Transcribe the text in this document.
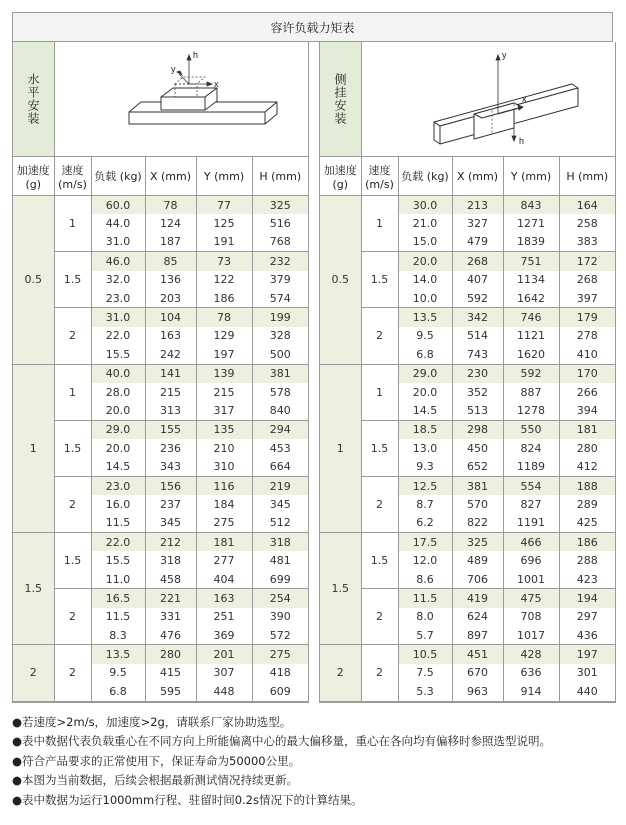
容许负载力矩表
水平安装
h
y
x
加速度(g)	速度(m/s)	负载 (kg)	X (mm)	Y (mm)	H (mm)
0.5	1	60.0	78	77	325
		44.0	124	125	516
		31.0	187	191	768
	1.5	46.0	85	73	232
		32.0	136	122	379
		23.0	203	186	574
	2	31.0	104	78	199
		22.0	163	129	328
		15.5	242	197	500
1	1	40.0	141	139	381
		28.0	215	215	578
		20.0	313	317	840
	1.5	29.0	155	135	294
		20.0	236	210	453
		14.5	343	310	664
	2	23.0	156	116	219
		16.0	237	184	345
		11.5	345	275	512
1.5	1.5	22.0	212	181	318
		15.5	318	277	481
		11.0	458	404	699
	2	16.5	221	163	254
		11.5	331	251	390
		8.3	476	369	572
2	2	13.5	280	201	275
		9.5	415	307	418
		6.8	595	448	609
侧挂安装
y
x
h
加速度(g)	速度(m/s)	负载 (kg)	X (mm)	Y (mm)	H (mm)
0.5	1	30.0	213	843	164
		21.0	327	1271	258
		15.0	479	1839	383
	1.5	20.0	268	751	172
		14.0	407	1134	268
		10.0	592	1642	397
	2	13.5	342	746	179
		9.5	514	1121	278
		6.8	743	1620	410
1	1	29.0	230	592	170
		20.0	352	887	266
		14.5	513	1278	394
	1.5	18.5	298	550	181
		13.0	450	824	280
		9.3	652	1189	412
	2	12.5	381	554	188
		8.7	570	827	289
		6.2	822	1191	425
1.5	1.5	17.5	325	466	186
		12.0	489	696	288
		8.6	706	1001	423
	2	11.5	419	475	194
		8.0	624	708	297
		5.7	897	1017	436
2	2	10.5	451	428	197
		7.5	670	636	301
		5.3	963	914	440
●若速度>2m/s，加速度>2g，请联系厂家协助选型。
●表中数据代表负载重心在不同方向上所能偏离中心的最大偏移量，重心在各向均有偏移时参照选型说明。
●符合产品要求的正常使用下，保证寿命为50000公里。
●本图为当前数据，后续会根据最新测试情况持续更新。
●表中数据为运行1000mm行程、驻留时间0.2s情况下的计算结果。
